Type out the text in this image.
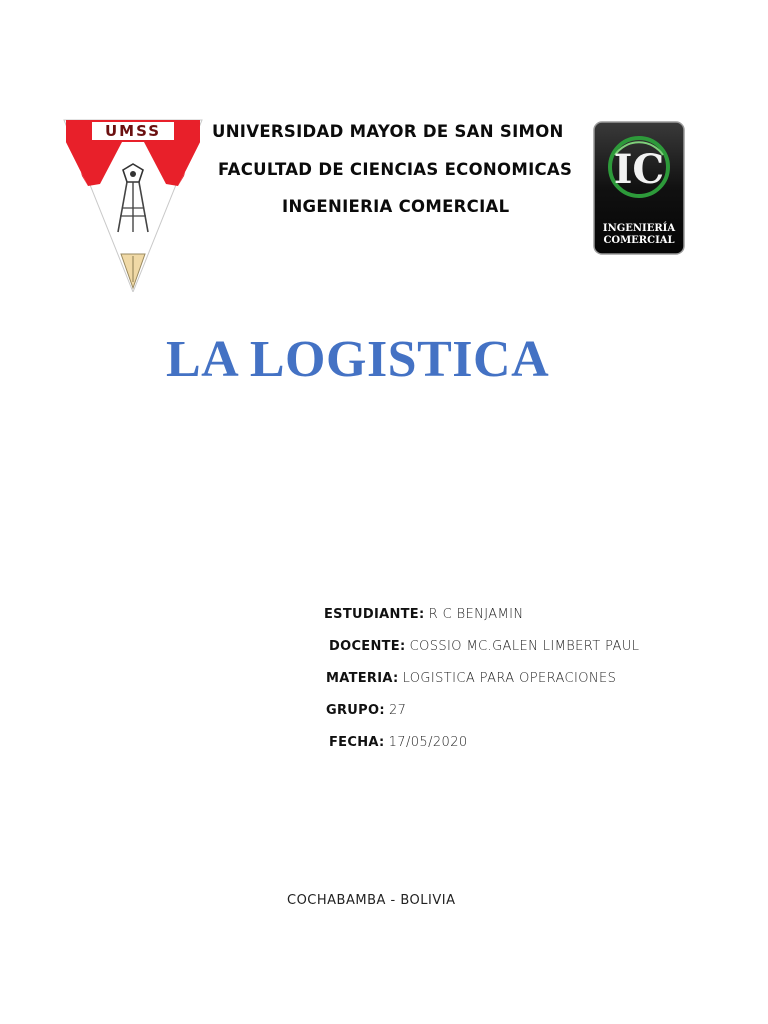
UMSS	UNIVERSIDAD MAYOR DE SAN SIMON
FACULTAD DE CIENCIAS ECONOMICAS
INGENIERIA COMERCIAL
IC
INGENIERÍA
COMERCIAL
LA LOGISTICA
ESTUDIANTE: R C BENJAMIN
DOCENTE: COSSIO MC.GALEN LIMBERT PAUL
MATERIA: LOGISTICA PARA OPERACIONES
GRUPO: 27
FECHA: 17/05/2020
COCHABAMBA - BOLIVIA
